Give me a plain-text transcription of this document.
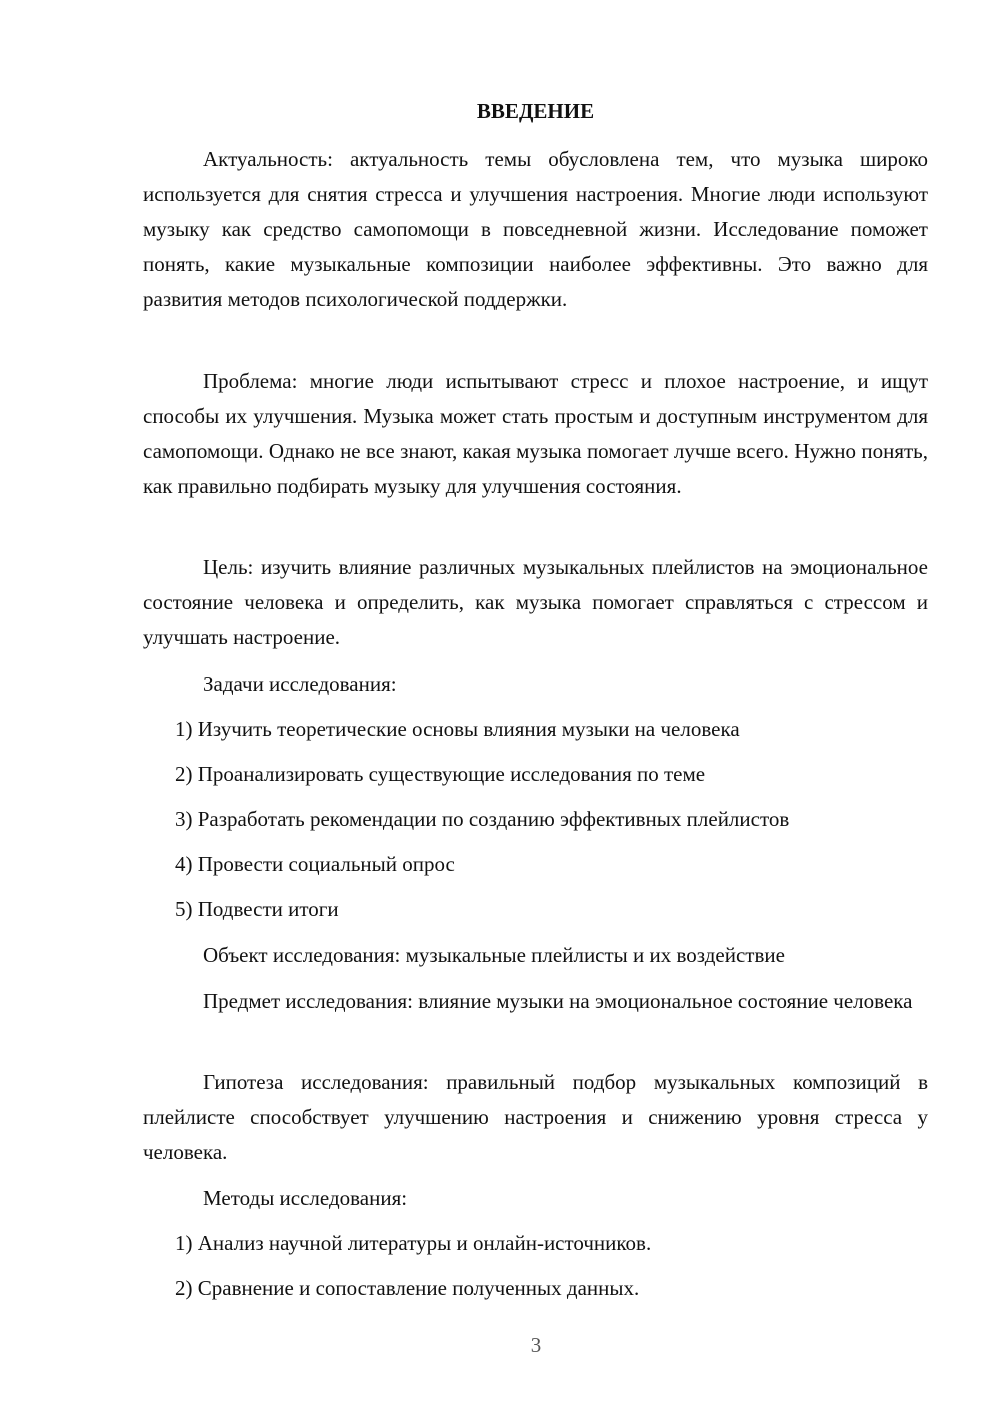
ВВЕДЕНИЕ
Актуальность: актуальность темы обусловлена тем, что музыка широко используется для снятия стресса и улучшения настроения. Многие люди используют музыку как средство самопомощи в повседневной жизни. Исследование поможет понять, какие музыкальные композиции наиболее эффективны. Это важно для развития методов психологической поддержки.
Проблема: многие люди испытывают стресс и плохое настроение, и ищут способы их улучшения. Музыка может стать простым и доступным инструментом для самопомощи. Однако не все знают, какая музыка помогает лучше всего. Нужно понять, как правильно подбирать музыку для улучшения состояния.
Цель: изучить влияние различных музыкальных плейлистов на эмоциональное состояние человека и определить, как музыка помогает справляться с стрессом и улучшать настроение.
Задачи исследования:
1) Изучить теоретические основы влияния музыки на человека
2) Проанализировать существующие исследования по теме
3) Разработать рекомендации по созданию эффективных плейлистов
4) Провести социальный опрос
5) Подвести итоги
Объект исследования: музыкальные плейлисты и их воздействие
Предмет исследования: влияние музыки на эмоциональное состояние человека
Гипотеза исследования: правильный подбор музыкальных композиций в плейлисте способствует улучшению настроения и снижению уровня стресса у человека.
Методы исследования:
1) Анализ научной литературы и онлайн-источников.
2) Сравнение и сопоставление полученных данных.
3
